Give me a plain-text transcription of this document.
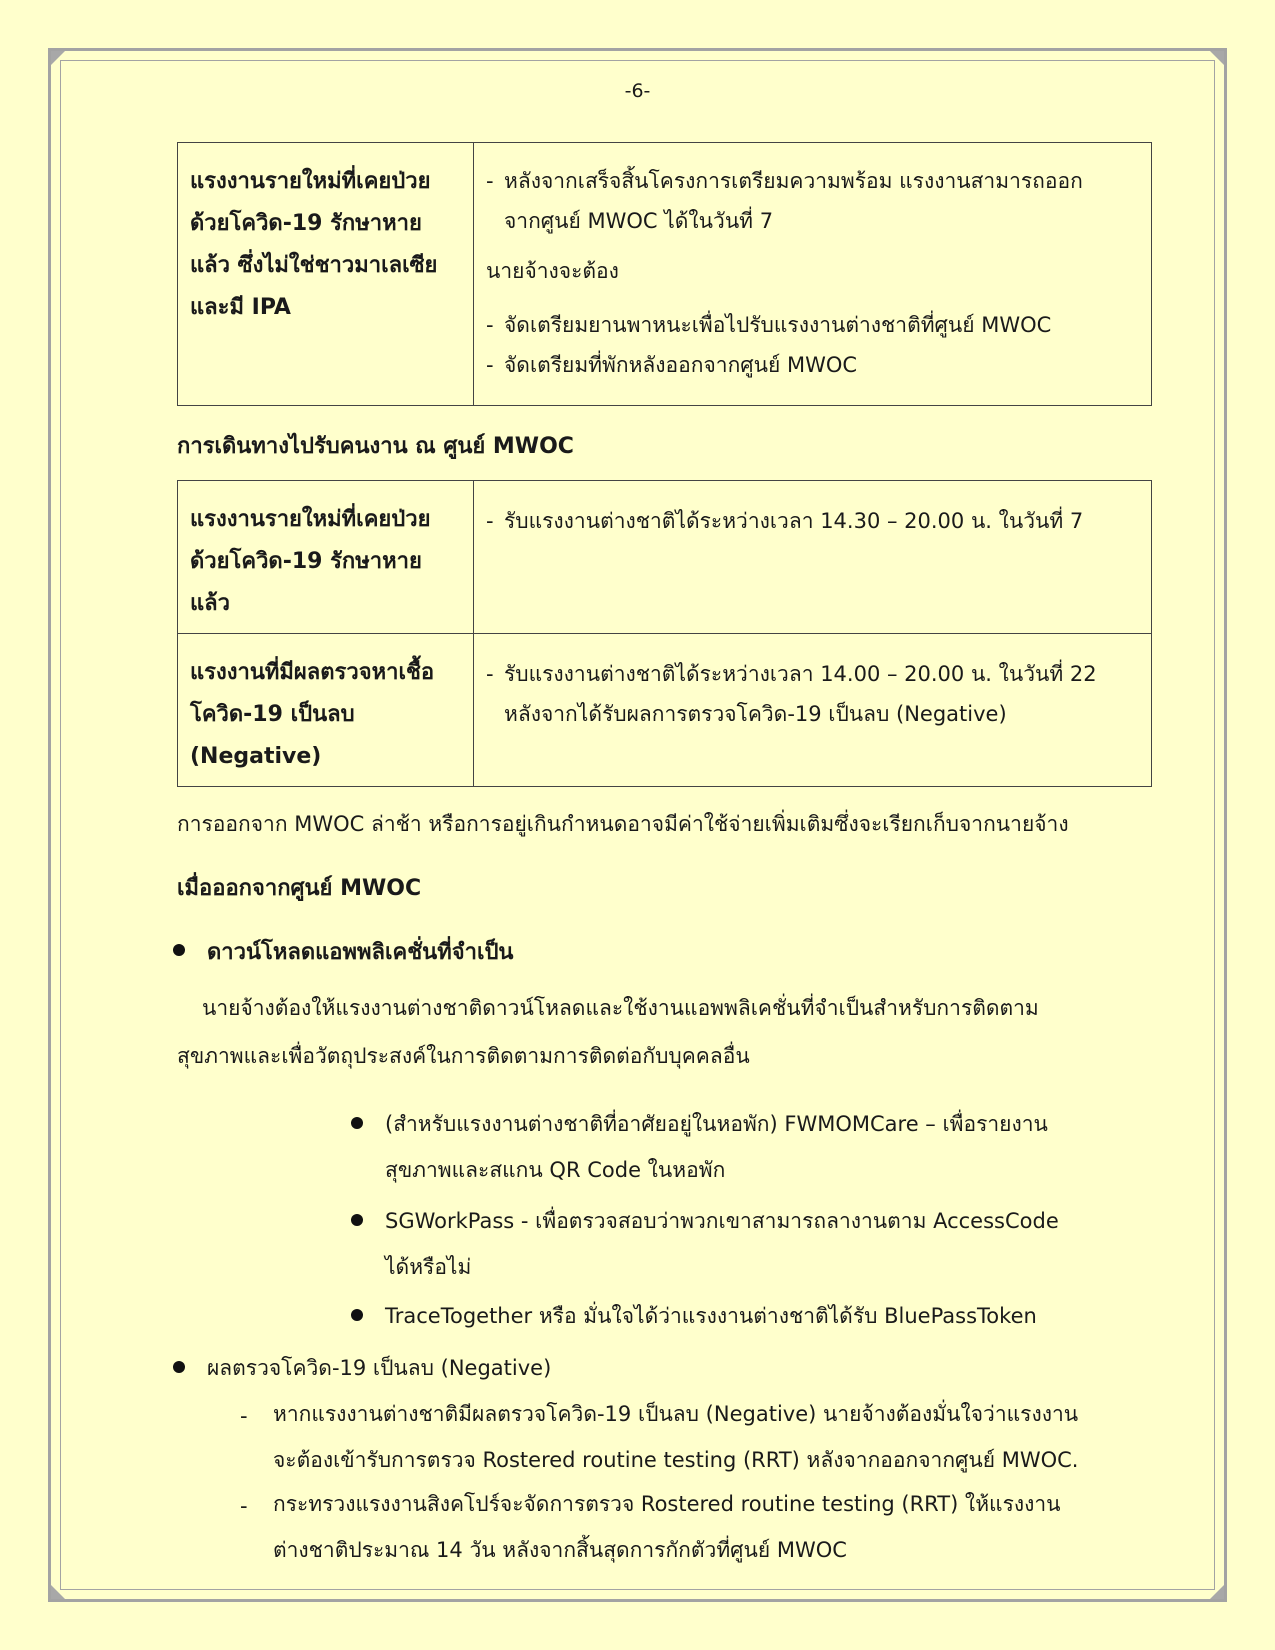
-6-
แรงงานรายใหม่ที่เคยป่วย
ด้วยโควิด-19 รักษาหาย
แล้ว ซึ่งไม่ใช่ชาวมาเลเซีย
และมี IPA
- หลังจากเสร็จสิ้นโครงการเตรียมความพร้อม แรงงานสามารถออก
จากศูนย์ MWOC ได้ในวันที่ 7
นายจ้างจะต้อง
- จัดเตรียมยานพาหนะเพื่อไปรับแรงงานต่างชาติที่ศูนย์ MWOC
- จัดเตรียมที่พักหลังออกจากศูนย์ MWOC
การเดินทางไปรับคนงาน ณ ศูนย์ MWOC
แรงงานรายใหม่ที่เคยป่วย
ด้วยโควิด-19 รักษาหาย
แล้ว
- รับแรงงานต่างชาติได้ระหว่างเวลา 14.30 – 20.00 น. ในวันที่ 7
แรงงานที่มีผลตรวจหาเชื้อ
โควิด-19 เป็นลบ
(Negative)
- รับแรงงานต่างชาติได้ระหว่างเวลา 14.00 – 20.00 น. ในวันที่ 22
หลังจากได้รับผลการตรวจโควิด-19 เป็นลบ (Negative)
การออกจาก MWOC ล่าช้า หรือการอยู่เกินกำหนดอาจมีค่าใช้จ่ายเพิ่มเติมซึ่งจะเรียกเก็บจากนายจ้าง
เมื่อออกจากศูนย์ MWOC
ดาวน์โหลดแอพพลิเคชั่นที่จำเป็น
นายจ้างต้องให้แรงงานต่างชาติดาวน์โหลดและใช้งานแอพพลิเคชั่นที่จำเป็นสำหรับการติดตาม
สุขภาพและเพื่อวัตถุประสงค์ในการติดตามการติดต่อกับบุคคลอื่น
(สำหรับแรงงานต่างชาติที่อาศัยอยู่ในหอพัก) FWMOMCare – เพื่อรายงาน
สุขภาพและสแกน QR Code ในหอพัก
SGWorkPass - เพื่อตรวจสอบว่าพวกเขาสามารถลางานตาม AccessCode
ได้หรือไม่
TraceTogether หรือ มั่นใจได้ว่าแรงงานต่างชาติได้รับ BluePassToken
ผลตรวจโควิด-19 เป็นลบ (Negative)
- หากแรงงานต่างชาติมีผลตรวจโควิด-19 เป็นลบ (Negative) นายจ้างต้องมั่นใจว่าแรงงาน
จะต้องเข้ารับการตรวจ Rostered routine testing (RRT) หลังจากออกจากศูนย์ MWOC.
- กระทรวงแรงงานสิงคโปร์จะจัดการตรวจ Rostered routine testing (RRT) ให้แรงงาน
ต่างชาติประมาณ 14 วัน หลังจากสิ้นสุดการกักตัวที่ศูนย์ MWOC
